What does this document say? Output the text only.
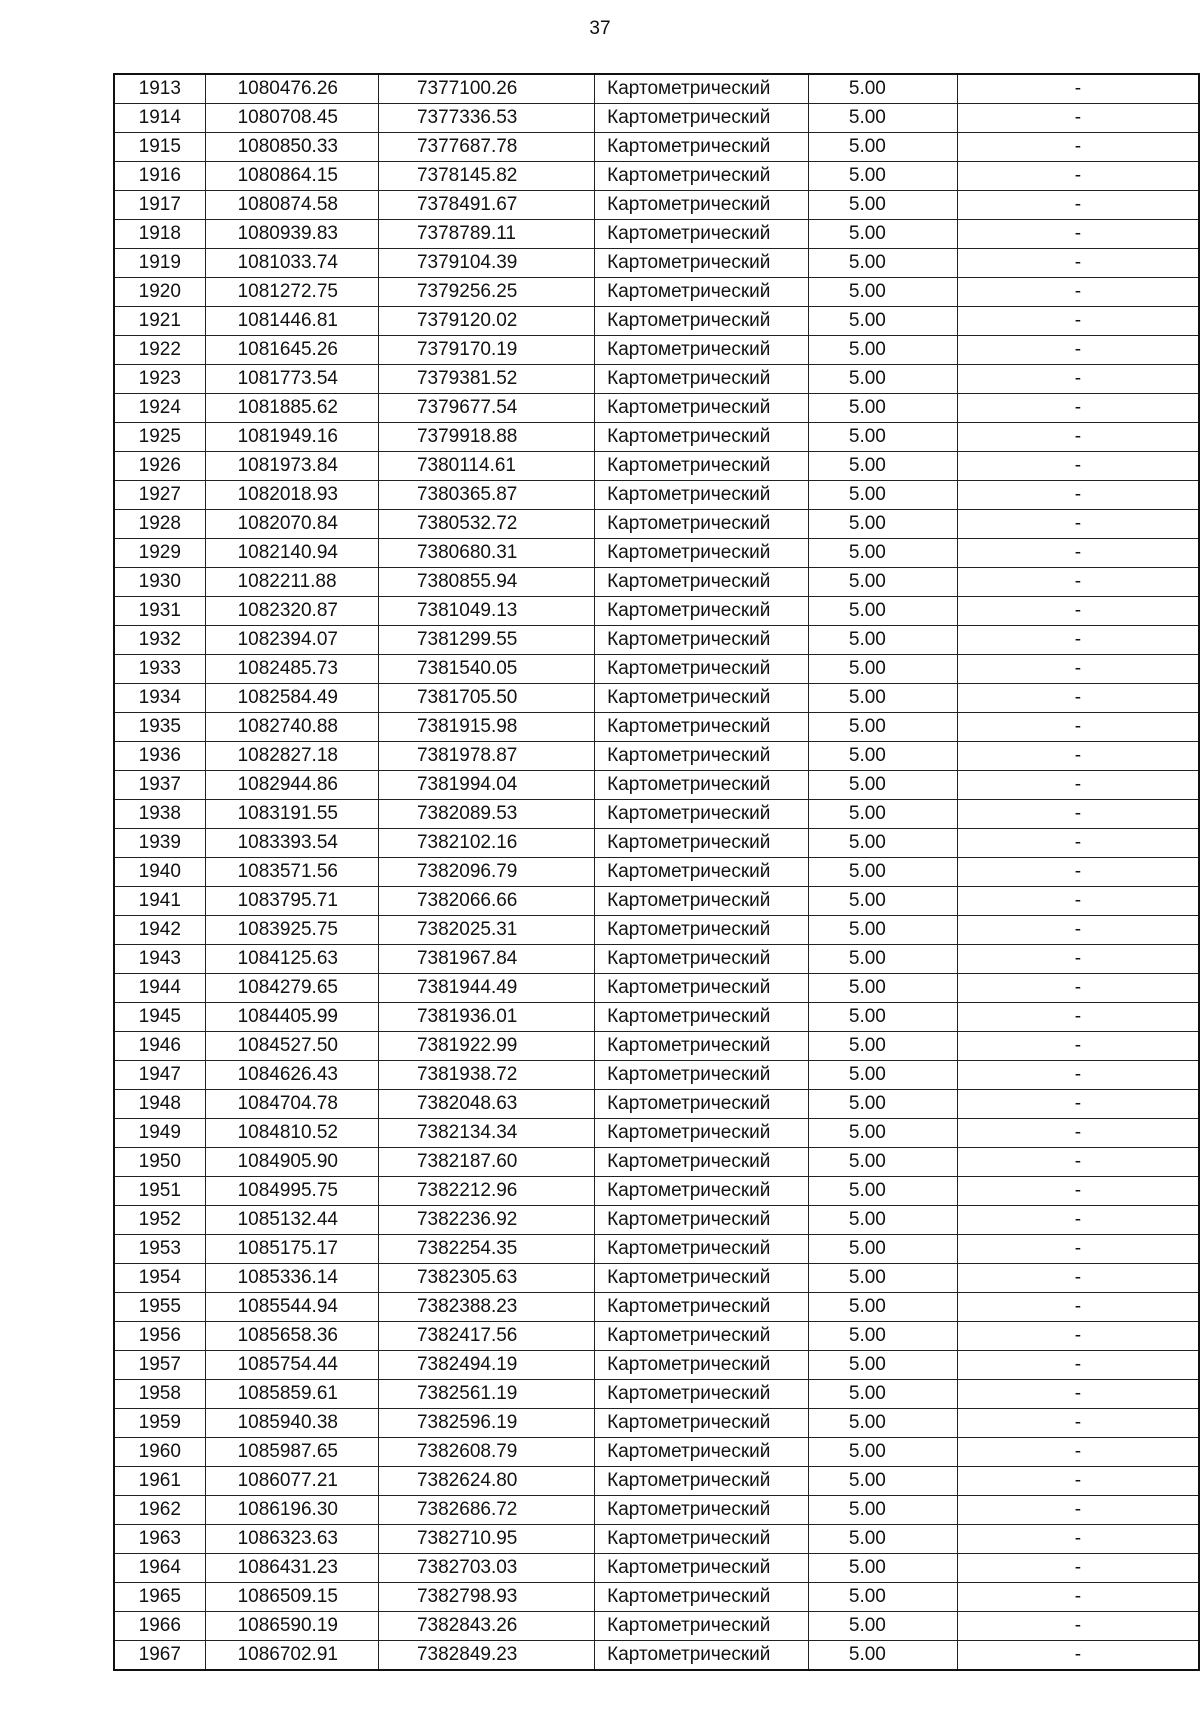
37
1913	1080476.26	7377100.26	Картометрический	5.00	-
1914	1080708.45	7377336.53	Картометрический	5.00	-
1915	1080850.33	7377687.78	Картометрический	5.00	-
1916	1080864.15	7378145.82	Картометрический	5.00	-
1917	1080874.58	7378491.67	Картометрический	5.00	-
1918	1080939.83	7378789.11	Картометрический	5.00	-
1919	1081033.74	7379104.39	Картометрический	5.00	-
1920	1081272.75	7379256.25	Картометрический	5.00	-
1921	1081446.81	7379120.02	Картометрический	5.00	-
1922	1081645.26	7379170.19	Картометрический	5.00	-
1923	1081773.54	7379381.52	Картометрический	5.00	-
1924	1081885.62	7379677.54	Картометрический	5.00	-
1925	1081949.16	7379918.88	Картометрический	5.00	-
1926	1081973.84	7380114.61	Картометрический	5.00	-
1927	1082018.93	7380365.87	Картометрический	5.00	-
1928	1082070.84	7380532.72	Картометрический	5.00	-
1929	1082140.94	7380680.31	Картометрический	5.00	-
1930	1082211.88	7380855.94	Картометрический	5.00	-
1931	1082320.87	7381049.13	Картометрический	5.00	-
1932	1082394.07	7381299.55	Картометрический	5.00	-
1933	1082485.73	7381540.05	Картометрический	5.00	-
1934	1082584.49	7381705.50	Картометрический	5.00	-
1935	1082740.88	7381915.98	Картометрический	5.00	-
1936	1082827.18	7381978.87	Картометрический	5.00	-
1937	1082944.86	7381994.04	Картометрический	5.00	-
1938	1083191.55	7382089.53	Картометрический	5.00	-
1939	1083393.54	7382102.16	Картометрический	5.00	-
1940	1083571.56	7382096.79	Картометрический	5.00	-
1941	1083795.71	7382066.66	Картометрический	5.00	-
1942	1083925.75	7382025.31	Картометрический	5.00	-
1943	1084125.63	7381967.84	Картометрический	5.00	-
1944	1084279.65	7381944.49	Картометрический	5.00	-
1945	1084405.99	7381936.01	Картометрический	5.00	-
1946	1084527.50	7381922.99	Картометрический	5.00	-
1947	1084626.43	7381938.72	Картометрический	5.00	-
1948	1084704.78	7382048.63	Картометрический	5.00	-
1949	1084810.52	7382134.34	Картометрический	5.00	-
1950	1084905.90	7382187.60	Картометрический	5.00	-
1951	1084995.75	7382212.96	Картометрический	5.00	-
1952	1085132.44	7382236.92	Картометрический	5.00	-
1953	1085175.17	7382254.35	Картометрический	5.00	-
1954	1085336.14	7382305.63	Картометрический	5.00	-
1955	1085544.94	7382388.23	Картометрический	5.00	-
1956	1085658.36	7382417.56	Картометрический	5.00	-
1957	1085754.44	7382494.19	Картометрический	5.00	-
1958	1085859.61	7382561.19	Картометрический	5.00	-
1959	1085940.38	7382596.19	Картометрический	5.00	-
1960	1085987.65	7382608.79	Картометрический	5.00	-
1961	1086077.21	7382624.80	Картометрический	5.00	-
1962	1086196.30	7382686.72	Картометрический	5.00	-
1963	1086323.63	7382710.95	Картометрический	5.00	-
1964	1086431.23	7382703.03	Картометрический	5.00	-
1965	1086509.15	7382798.93	Картометрический	5.00	-
1966	1086590.19	7382843.26	Картометрический	5.00	-
1967	1086702.91	7382849.23	Картометрический	5.00	-
